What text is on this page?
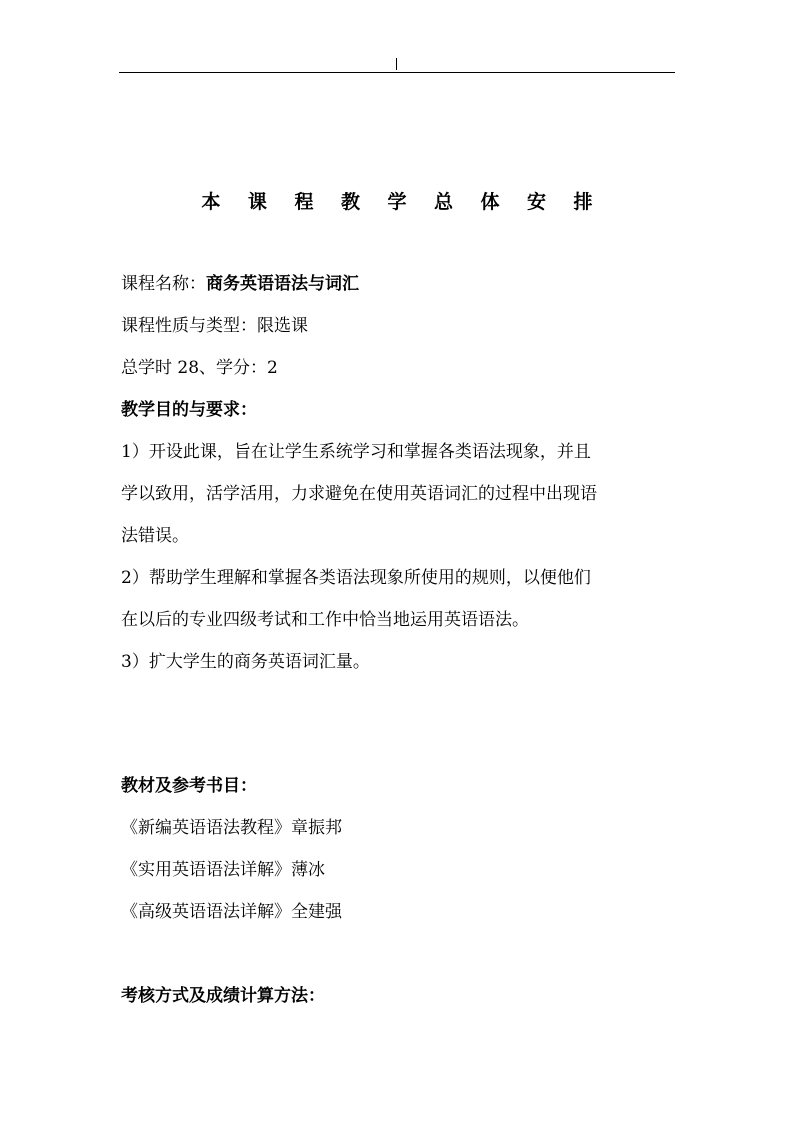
本 课 程 教 学 总 体 安 排
课程名称：商务英语语法与词汇
课程性质与类型：限选课
总学时 28、学分：2
教学目的与要求：
1）开设此课，旨在让学生系统学习和掌握各类语法现象，并且
学以致用，活学活用，力求避免在使用英语词汇的过程中出现语
法错误。
2）帮助学生理解和掌握各类语法现象所使用的规则，以便他们
在以后的专业四级考试和工作中恰当地运用英语语法。
3）扩大学生的商务英语词汇量。
教材及参考书目：
《新编英语语法教程》章振邦
《实用英语语法详解》薄冰
《高级英语语法详解》全建强
考核方式及成绩计算方法：
